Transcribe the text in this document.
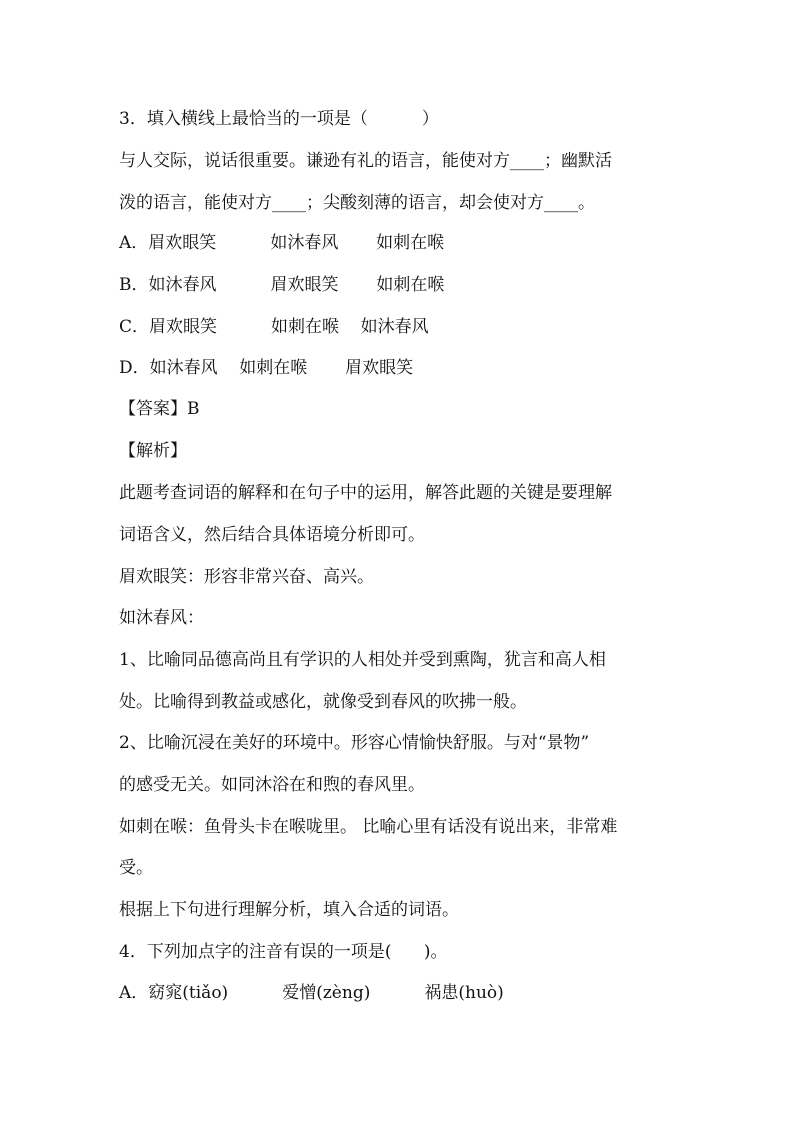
3．填入横线上最恰当的一项是（          ）
与人交际，说话很重要。谦逊有礼的语言，能使对方____；幽默活
泼的语言，能使对方____；尖酸刻薄的语言，却会使对方____。
A．眉欢眼笑          如沐春风       如刺在喉
B．如沐春风          眉欢眼笑       如刺在喉
C．眉欢眼笑          如刺在喉    如沐春风
D．如沐春风    如刺在喉       眉欢眼笑
【答案】B
【解析】
此题考查词语的解释和在句子中的运用，解答此题的关键是要理解
词语含义，然后结合具体语境分析即可。
眉欢眼笑：形容非常兴奋、高兴。
如沐春风：
1、比喻同品德高尚且有学识的人相处并受到熏陶，犹言和高人相
处。比喻得到教益或感化，就像受到春风的吹拂一般。
2、比喻沉浸在美好的环境中。形容心情愉快舒服。与对“景物”
的感受无关。如同沐浴在和煦的春风里。
如刺在喉：鱼骨头卡在喉咙里。 比喻心里有话没有说出来，非常难
受。
根据上下句进行理解分析，填入合适的词语。
4．下列加点字的注音有误的一项是(      )。
A．窈窕(tiǎo)          爱憎(zèng)          祸患(huò)
